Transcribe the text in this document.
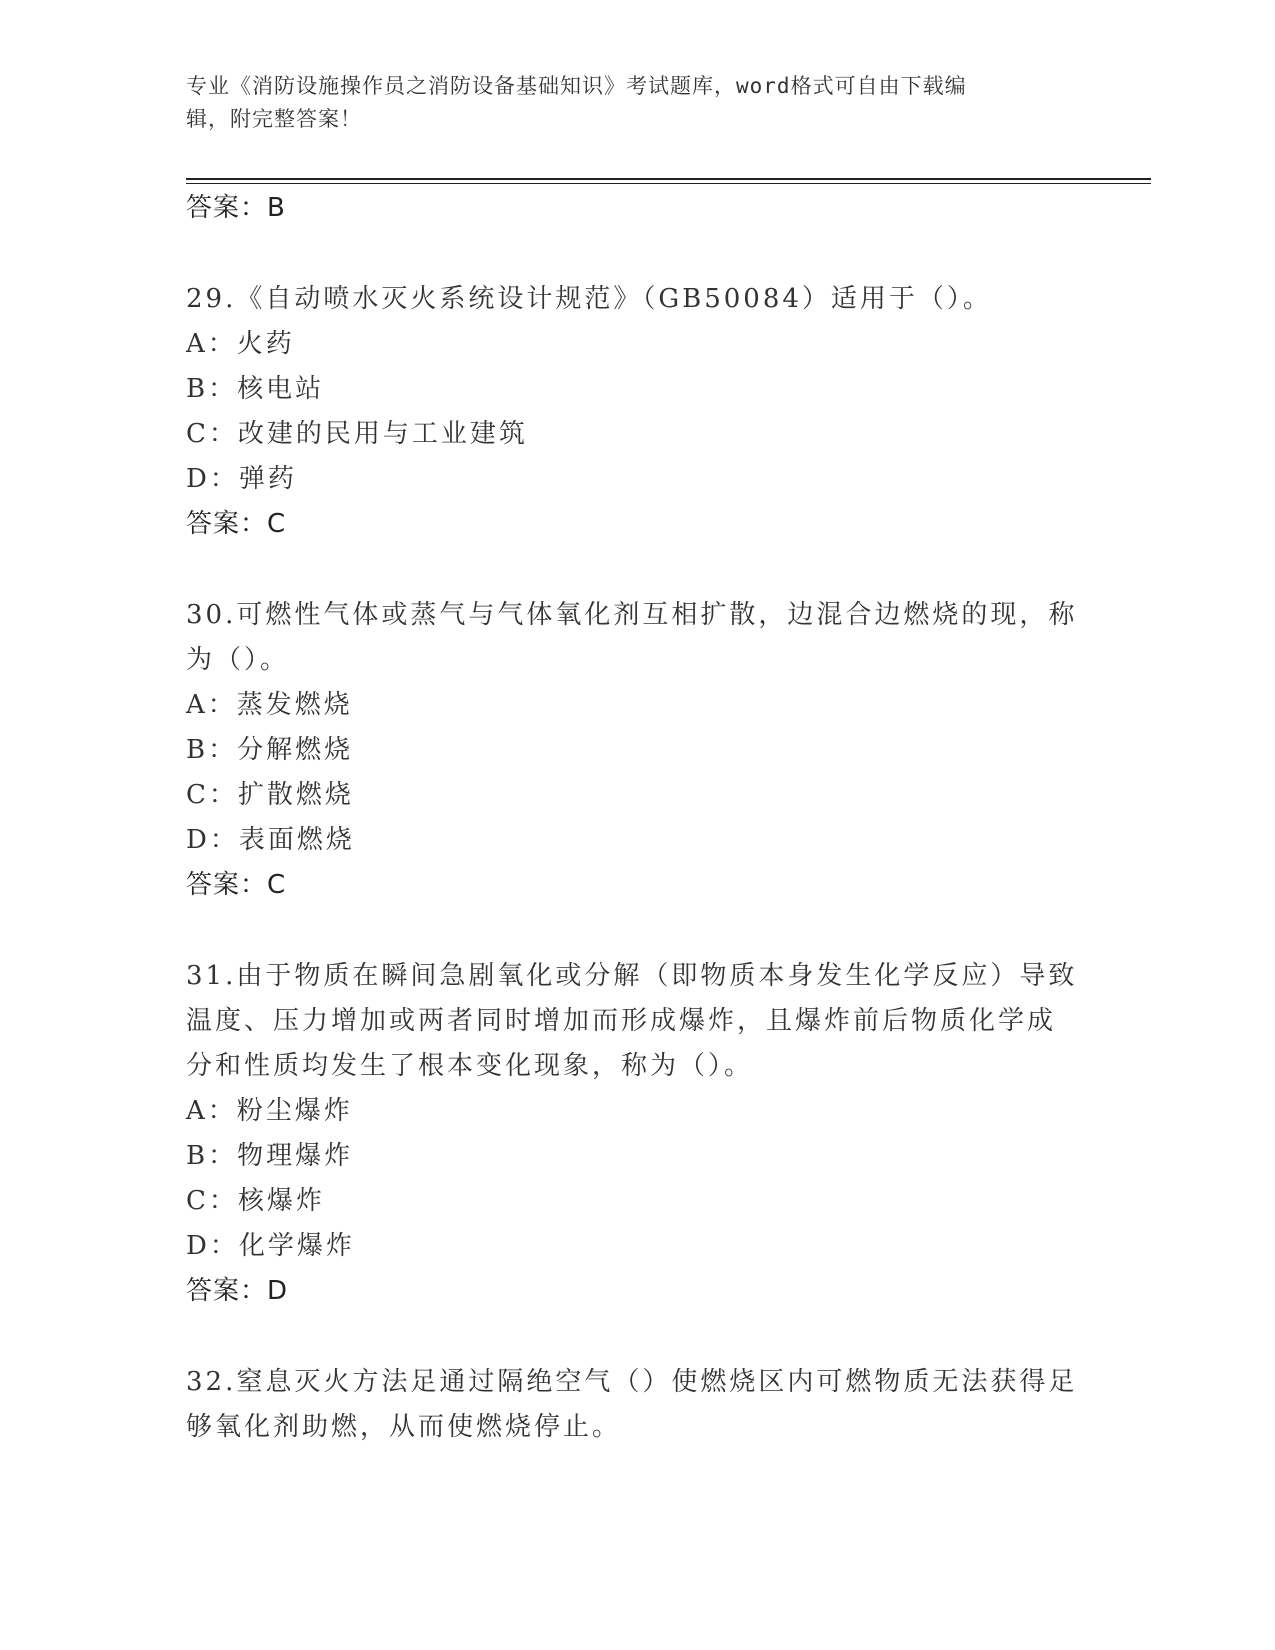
专业《消防设施操作员之消防设备基础知识》考试题库，word格式可自由下载编
辑，附完整答案！
答案：B
29.《自动喷水灭火系统设计规范》（GB50084）适用于（）。
A：火药
B：核电站
C：改建的民用与工业建筑
D：弹药
答案：C
30.可燃性气体或蒸气与气体氧化剂互相扩散，边混合边燃烧的现，称
为（）。
A：蒸发燃烧
B：分解燃烧
C：扩散燃烧
D：表面燃烧
答案：C
31.由于物质在瞬间急剧氧化或分解（即物质本身发生化学反应）导致
温度、压力增加或两者同时增加而形成爆炸，且爆炸前后物质化学成
分和性质均发生了根本变化现象，称为（）。
A：粉尘爆炸
B：物理爆炸
C：核爆炸
D：化学爆炸
答案：D
32.窒息灭火方法足通过隔绝空气（）使燃烧区内可燃物质无法获得足
够氧化剂助燃，从而使燃烧停止。
